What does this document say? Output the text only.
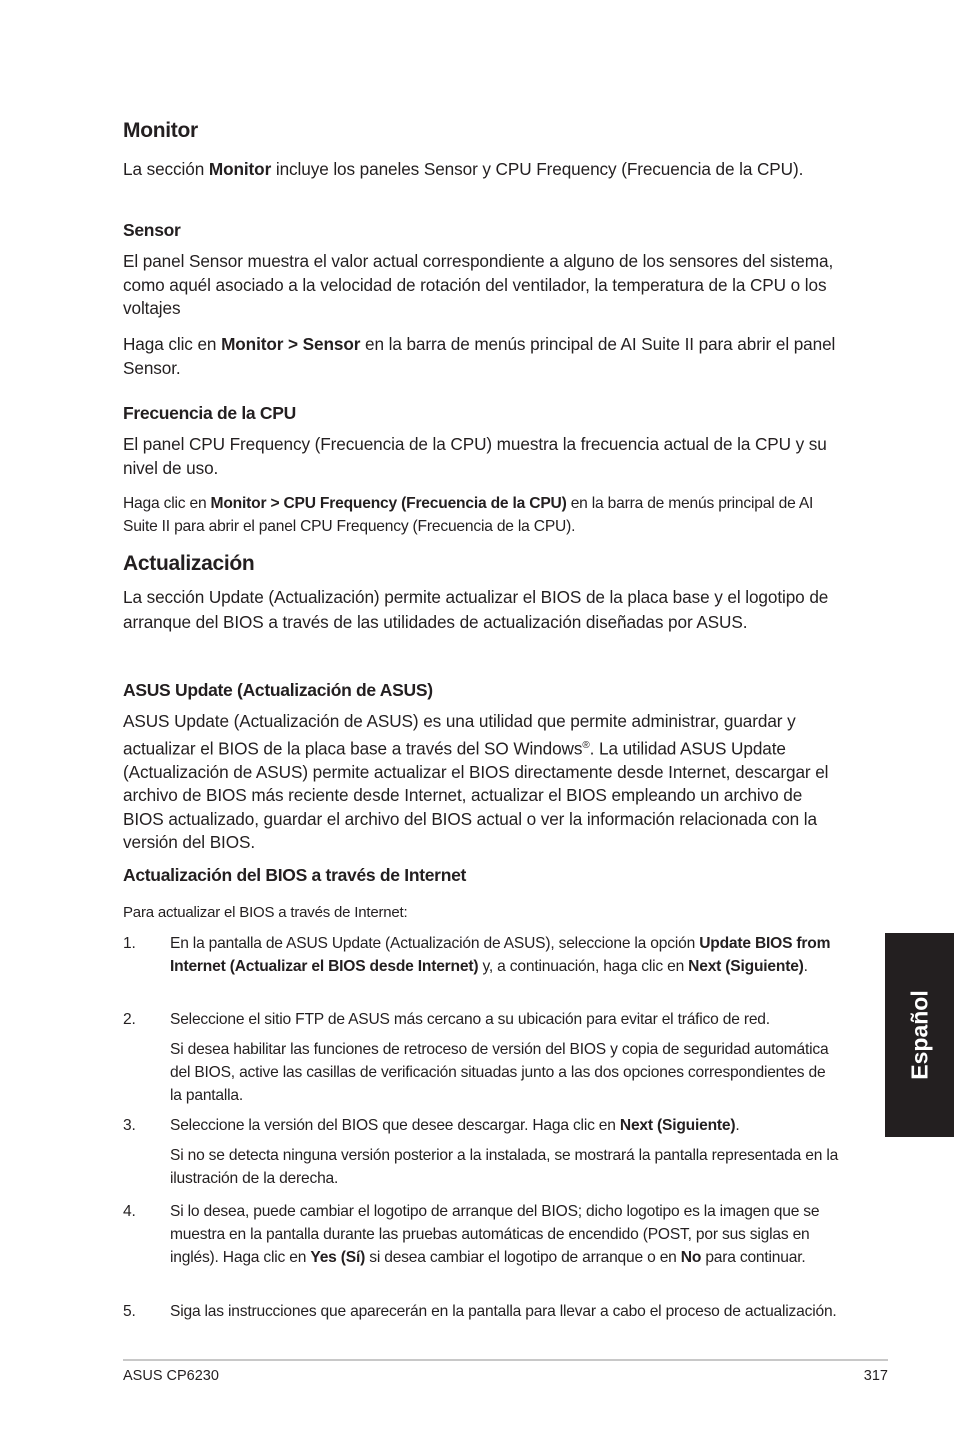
Monitor
La sección Monitor incluye los paneles Sensor y CPU Frequency (Frecuencia de la CPU).
Sensor
El panel Sensor muestra el valor actual correspondiente a alguno de los sensores del sistema, como aquél asociado a la velocidad de rotación del ventilador, la temperatura de la CPU o los voltajes
Haga clic en Monitor > Sensor en la barra de menús principal de AI Suite II para abrir el panel Sensor.
Frecuencia de la CPU
El panel CPU Frequency (Frecuencia de la CPU) muestra la frecuencia actual de la CPU y su nivel de uso.
Haga clic en Monitor > CPU Frequency (Frecuencia de la CPU) en la barra de menús principal de AI Suite II para abrir el panel CPU Frequency (Frecuencia de la CPU).
Actualización
La sección Update (Actualización) permite actualizar el BIOS de la placa base y el logotipo de arranque del BIOS a través de las utilidades de actualización diseñadas por ASUS.
ASUS Update (Actualización de ASUS)
ASUS Update (Actualización de ASUS) es una utilidad que permite administrar, guardar y actualizar el BIOS de la placa base a través del SO Windows®. La utilidad ASUS Update (Actualización de ASUS) permite actualizar el BIOS directamente desde Internet, descargar el archivo de BIOS más reciente desde Internet, actualizar el BIOS empleando un archivo de BIOS actualizado, guardar el archivo del BIOS actual o ver la información relacionada con la versión del BIOS.
Actualización del BIOS a través de Internet
Para actualizar el BIOS a través de Internet:
1.	En la pantalla de ASUS Update (Actualización de ASUS), seleccione la opción Update BIOS from Internet (Actualizar el BIOS desde Internet) y, a continuación, haga clic en Next (Siguiente).
2.	Seleccione el sitio FTP de ASUS más cercano a su ubicación para evitar el tráfico de red.
Si desea habilitar las funciones de retroceso de versión del BIOS y copia de seguridad automática del BIOS, active las casillas de verificación situadas junto a las dos opciones correspondientes de la pantalla.
3.	Seleccione la versión del BIOS que desee descargar. Haga clic en Next (Siguiente).
Si no se detecta ninguna versión posterior a la instalada, se mostrará la pantalla representada en la ilustración de la derecha.
4.	Si lo desea, puede cambiar el logotipo de arranque del BIOS; dicho logotipo es la imagen que se muestra en la pantalla durante las pruebas automáticas de encendido (POST, por sus siglas en inglés). Haga clic en Yes (Sí) si desea cambiar el logotipo de arranque o en No para continuar.
5.	Siga las instrucciones que aparecerán en la pantalla para llevar a cabo el proceso de actualización.
Español
ASUS CP6230	317
